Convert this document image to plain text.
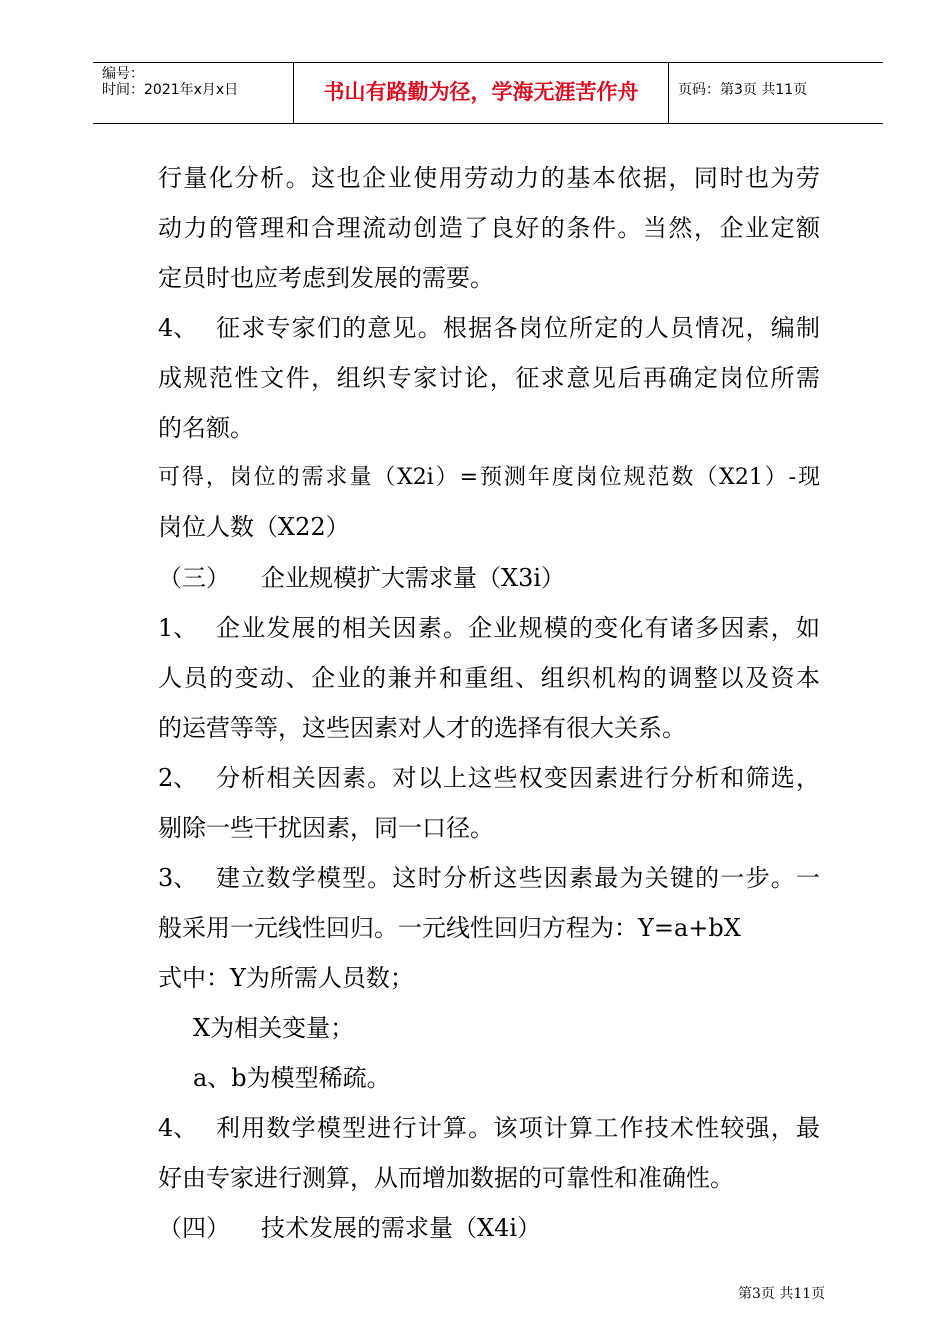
编号：
时间：2021年x月x日	书山有路勤为径，学海无涯苦作舟	页码：第3页 共11页
行量化分析。这也企业使用劳动力的基本依据，同时也为劳
动力的管理和合理流动创造了良好的条件。当然，企业定额
定员时也应考虑到发展的需要。
4、 征求专家们的意见。根据各岗位所定的人员情况，编制
成规范性文件，组织专家讨论，征求意见后再确定岗位所需
的名额。
可得，岗位的需求量（X2i）=预测年度岗位规范数（X21）-现
岗位人数（X22）
（三） 企业规模扩大需求量（X3i）
1、 企业发展的相关因素。企业规模的变化有诸多因素，如
人员的变动、企业的兼并和重组、组织机构的调整以及资本
的运营等等，这些因素对人才的选择有很大关系。
2、 分析相关因素。对以上这些权变因素进行分析和筛选，
剔除一些干扰因素，同一口径。
3、 建立数学模型。这时分析这些因素最为关键的一步。一
般采用一元线性回归。一元线性回归方程为：Y=a+bX
式中：Y为所需人员数；
X为相关变量；
a、b为模型稀疏。
4、 利用数学模型进行计算。该项计算工作技术性较强，最
好由专家进行测算，从而增加数据的可靠性和准确性。
（四） 技术发展的需求量（X4i）
第3页 共11页
